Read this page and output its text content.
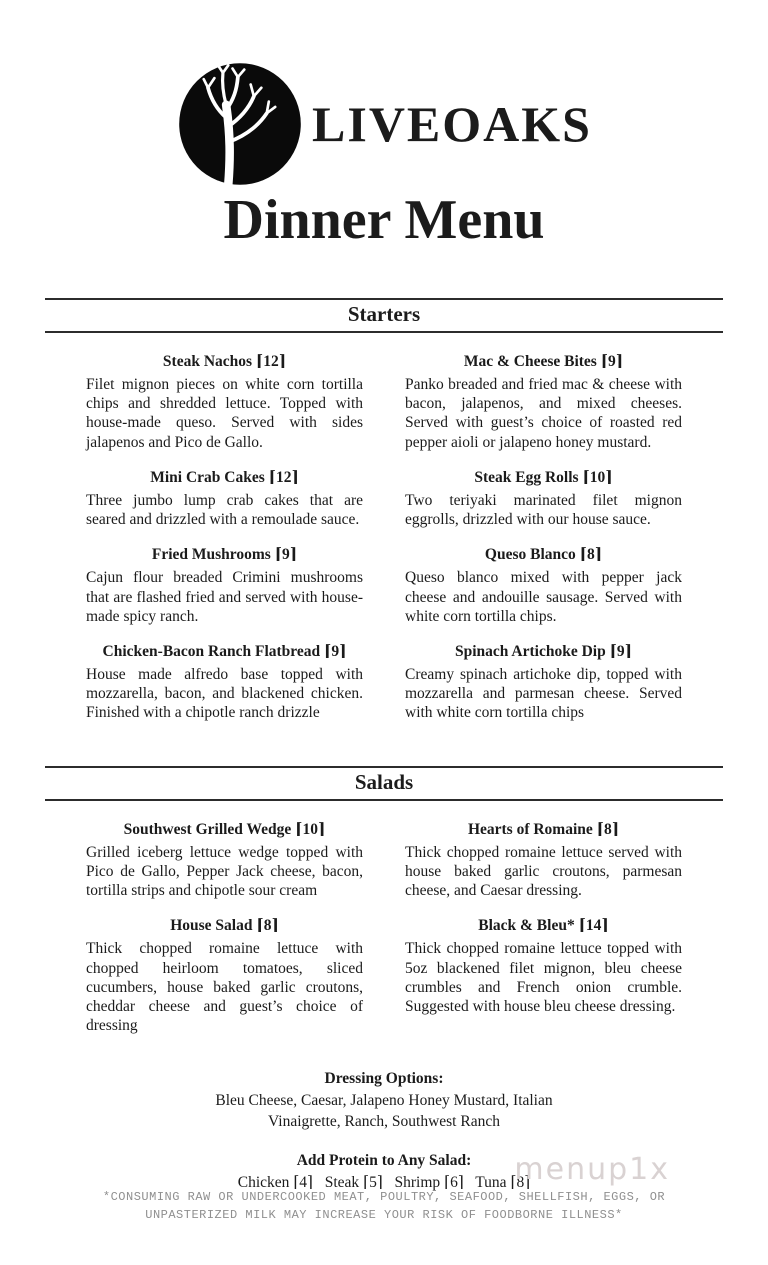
LIVEOAKS
Dinner Menu
Starters
Steak Nachos ⌈12⌉
Filet mignon pieces on white corn tortilla chips and shredded lettuce. Topped with house-made queso. Served with sides jalapenos and Pico de Gallo.
Mini Crab Cakes ⌈12⌉
Three jumbo lump crab cakes that are seared and drizzled with a remoulade sauce.
Fried Mushrooms ⌈9⌉
Cajun flour breaded Crimini mushrooms that are flashed fried and served with house-made spicy ranch.
Chicken-Bacon Ranch Flatbread ⌈9⌉
House made alfredo base topped with mozzarella, bacon, and blackened chicken. Finished with a chipotle ranch drizzle
Mac & Cheese Bites ⌈9⌉
Panko breaded and fried mac & cheese with bacon, jalapenos, and mixed cheeses. Served with guest’s choice of roasted red pepper aioli or jalapeno honey mustard.
Steak Egg Rolls ⌈10⌉
Two teriyaki marinated filet mignon eggrolls, drizzled with our house sauce.
Queso Blanco ⌈8⌉
Queso blanco mixed with pepper jack cheese and andouille sausage. Served with white corn tortilla chips.
Spinach Artichoke Dip ⌈9⌉
Creamy spinach artichoke dip, topped with mozzarella and parmesan cheese. Served with white corn tortilla chips
Salads
Southwest Grilled Wedge ⌈10⌉
Grilled iceberg lettuce wedge topped with Pico de Gallo, Pepper Jack cheese, bacon, tortilla strips and chipotle sour cream
House Salad ⌈8⌉
Thick chopped romaine lettuce with chopped heirloom tomatoes, sliced cucumbers, house baked garlic croutons, cheddar cheese and guest’s choice of dressing
Hearts of Romaine ⌈8⌉
Thick chopped romaine lettuce served with house baked garlic croutons, parmesan cheese, and Caesar dressing.
Black & Bleu* ⌈14⌉
Thick chopped romaine lettuce topped with 5oz blackened filet mignon, bleu cheese crumbles and French onion crumble. Suggested with house bleu cheese dressing.
Dressing Options:
Bleu Cheese, Caesar, Jalapeno Honey Mustard, Italian Vinaigrette, Ranch, Southwest Ranch
Add Protein to Any Salad:
Chicken ⌈4⌉   Steak ⌈5⌉   Shrimp ⌈6⌉   Tuna ⌈8⌉
menup1x
*CONSUMING RAW OR UNDERCOOKED MEAT, POULTRY, SEAFOOD, SHELLFISH, EGGS, OR
UNPASTERIZED MILK MAY INCREASE YOUR RISK OF FOODBORNE ILLNESS*
